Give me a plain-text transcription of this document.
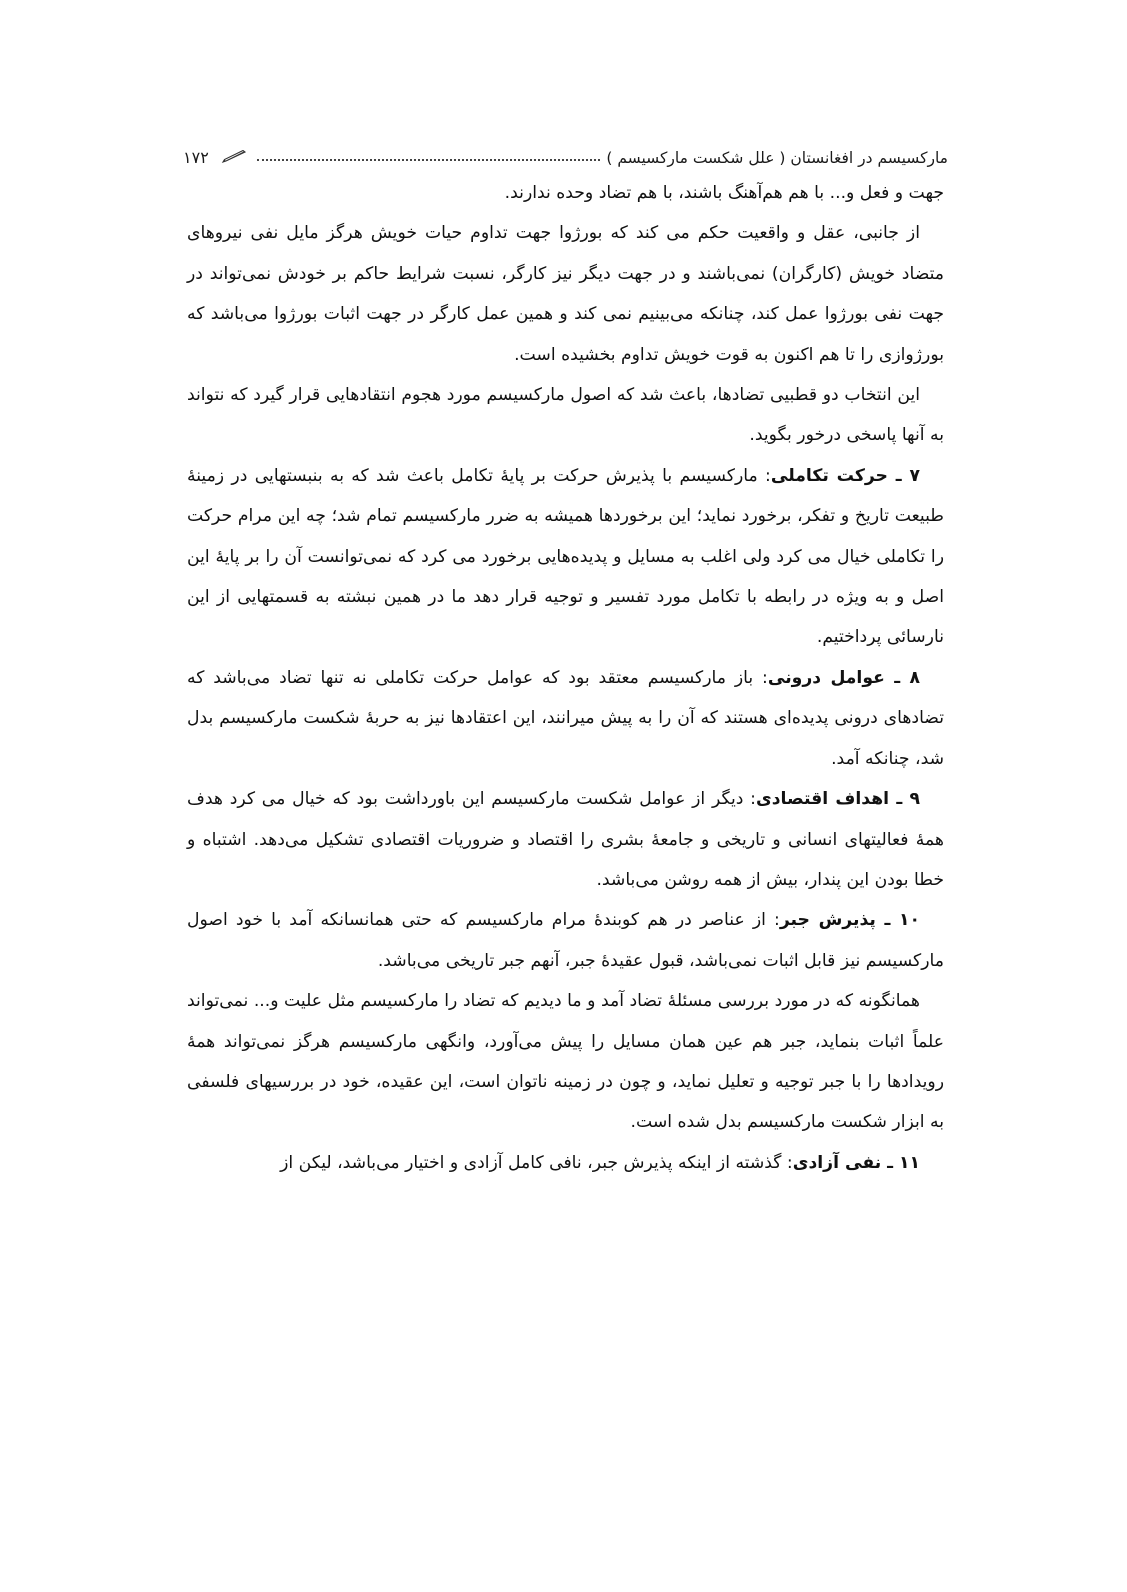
مارکسیسم در افغانستان ( علل شکست مارکسیسم )
۱۷۲

جهت و فعل و... با هم هم‌آهنگ باشند، با هم تضاد وحده ندارند.

از جانبی، عقل و واقعیت حکم می کند که بورژوا جهت تداوم حیات خویش هرگز مایل نفی نیروهای متضاد خویش (کارگران) نمی‌باشند و در جهت دیگر نیز کارگر، نسبت شرایط حاکم بر خودش نمی‌تواند در جهت نفی بورژوا عمل کند، چنانکه می‌بینیم نمی کند و همین عمل کارگر در جهت اثبات بورژوا می‌باشد که بورژوازی را تا هم اکنون به قوت خویش تداوم بخشیده است.

این انتخاب دو قطبیی تضادها، باعث شد که اصول مارکسیسم مورد هجوم انتقادهایی قرار گیرد که نتواند به آنها پاسخی درخور بگوید.

۷ ـ حرکت تکاملی: مارکسیسم با پذیرش حرکت بر پایهٔ تکامل باعث شد که به بنبستهایی در زمینهٔ طبیعت تاریخ و تفکر، برخورد نماید؛ این برخوردها همیشه به ضرر مارکسیسم تمام شد؛ چه این مرام حرکت را تکاملی خیال می کرد ولی اغلب به مسایل و پدیده‌هایی برخورد می کرد که نمی‌توانست آن را بر پایهٔ این اصل و به ویژه در رابطه با تکامل مورد تفسیر و توجیه قرار دهد ما در همین نبشته به قسمتهایی از این نارسائی پرداختیم.

۸ ـ عوامل درونی: باز مارکسیسم معتقد بود که عوامل حرکت تکاملی نه تنها تضاد می‌باشد که تضادهای درونی پدیده‌ای هستند که آن را به پیش میرانند، این اعتقادها نیز به حربهٔ شکست مارکسیسم بدل شد، چنانکه آمد.

۹ ـ اهداف اقتصادی: دیگر از عوامل شکست مارکسیسم این باورداشت بود که خیال می کرد هدف همهٔ فعالیتهای انسانی و تاریخی و جامعهٔ بشری را اقتصاد و ضروریات اقتصادی تشکیل می‌دهد. اشتباه و خطا بودن این پندار، بیش از همه روشن می‌باشد.

۱۰ ـ پذیرش جبر: از عناصر در هم کوبندهٔ مرام مارکسیسم که حتی همانسانکه آمد با خود اصول مارکسیسم نیز قابل اثبات نمی‌باشد، قبول عقیدهٔ جبر، آنهم جبر تاریخی می‌باشد.

همانگونه که در مورد بررسی مسئلهٔ تضاد آمد و ما دیدیم که تضاد را مارکسیسم مثل علیت و... نمی‌تواند علماً اثبات بنماید، جبر هم عین همان مسایل را پیش می‌آورد، وانگهی مارکسیسم هرگز نمی‌تواند همهٔ رویدادها را با جبر توجیه و تعلیل نماید، و چون در زمینه ناتوان است، این عقیده، خود در بررسیهای فلسفی به ابزار شکست مارکسیسم بدل شده است.

۱۱ ـ نفی آزادی: گذشته از اینکه پذیرش جبر، نافی کامل آزادی و اختیار می‌باشد، لیکن از
